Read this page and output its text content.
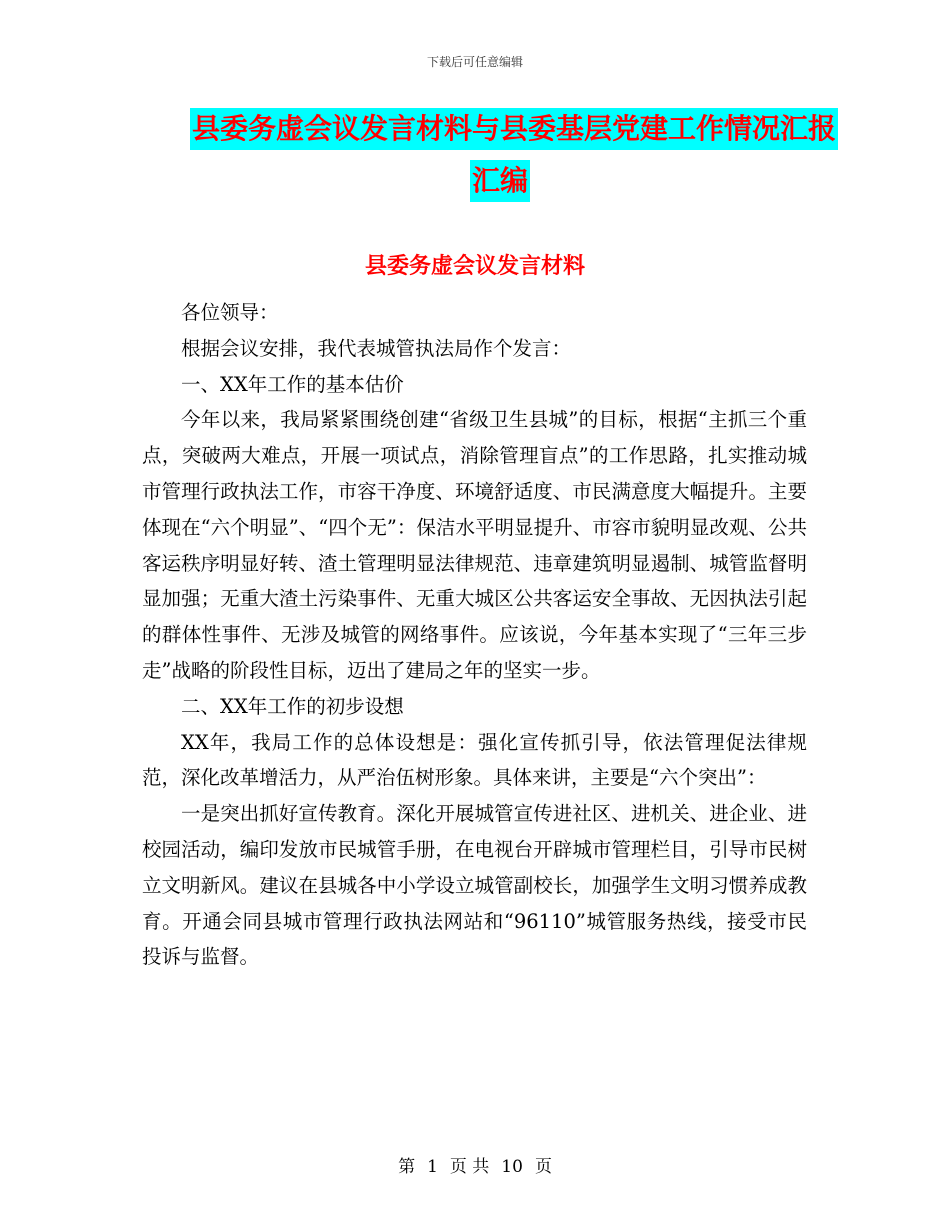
下载后可任意编辑
县委务虚会议发言材料与县委基层党建工作情况汇报
汇编
县委务虚会议发言材料

各位领导：

根据会议安排，我代表城管执法局作个发言：

一、XX年工作的基本估价

今年以来，我局紧紧围绕创建“省级卫生县城”的目标，根据“主抓三个重点，突破两大难点，开展一项试点，消除管理盲点”的工作思路，扎实推动城市管理行政执法工作，市容干净度、环境舒适度、市民满意度大幅提升。主要体现在“六个明显”、“四个无”：保洁水平明显提升、市容市貌明显改观、公共客运秩序明显好转、渣土管理明显法律规范、违章建筑明显遏制、城管监督明显加强；无重大渣土污染事件、无重大城区公共客运安全事故、无因执法引起的群体性事件、无涉及城管的网络事件。应该说，今年基本实现了“三年三步走”战略的阶段性目标，迈出了建局之年的坚实一步。

二、XX年工作的初步设想

XX年，我局工作的总体设想是：强化宣传抓引导，依法管理促法律规范，深化改革增活力，从严治伍树形象。具体来讲，主要是“六个突出”：

一是突出抓好宣传教育。深化开展城管宣传进社区、进机关、进企业、进校园活动，编印发放市民城管手册，在电视台开辟城市管理栏目，引导市民树立文明新风。建议在县城各中小学设立城管副校长，加强学生文明习惯养成教育。开通会同县城市管理行政执法网站和“96110”城管服务热线，接受市民投诉与监督。

第 1 页 共 10 页
